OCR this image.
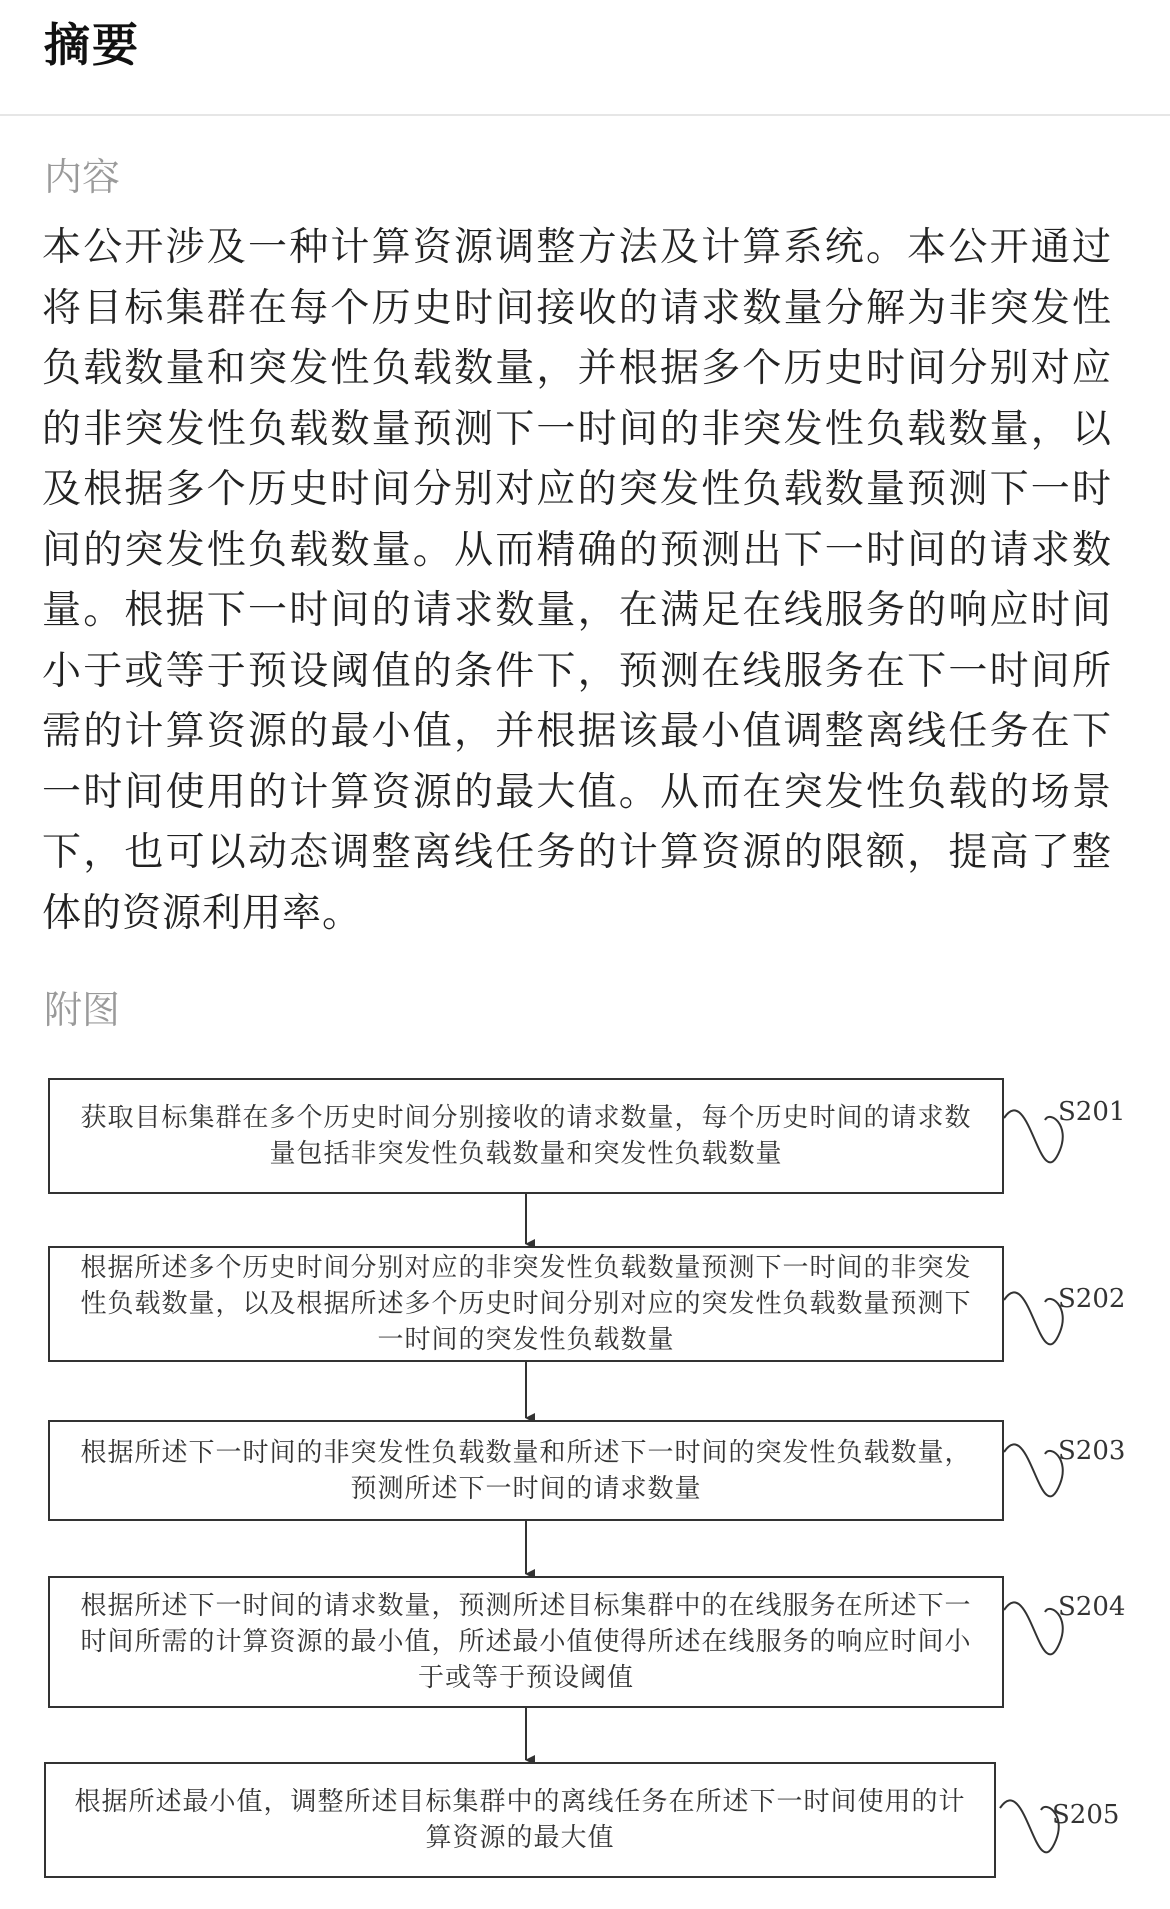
摘要
内容

本公开涉及一种计算资源调整方法及计算系统。本公开通过将目标集群在每个历史时间接收的请求数量分解为非突发性负载数量和突发性负载数量，并根据多个历史时间分别对应的非突发性负载数量预测下一时间的非突发性负载数量，以及根据多个历史时间分别对应的突发性负载数量预测下一时间的突发性负载数量。从而精确的预测出下一时间的请求数量。根据下一时间的请求数量，在满足在线服务的响应时间小于或等于预设阈值的条件下，预测在线服务在下一时间所需的计算资源的最小值，并根据该最小值调整离线任务在下一时间使用的计算资源的最大值。从而在突发性负载的场景下，也可以动态调整离线任务的计算资源的限额，提高了整体的资源利用率。

附图
获取目标集群在多个历史时间分别接收的请求数量，每个历史时间的请求数量包括非突发性负载数量和突发性负载数量
S201
根据所述多个历史时间分别对应的非突发性负载数量预测下一时间的非突发性负载数量，以及根据所述多个历史时间分别对应的突发性负载数量预测下一时间的突发性负载数量
S202
根据所述下一时间的非突发性负载数量和所述下一时间的突发性负载数量，预测所述下一时间的请求数量
S203
根据所述下一时间的请求数量，预测所述目标集群中的在线服务在所述下一时间所需的计算资源的最小值，所述最小值使得所述在线服务的响应时间小于或等于预设阈值
S204
根据所述最小值，调整所述目标集群中的离线任务在所述下一时间使用的计算资源的最大值
S205
